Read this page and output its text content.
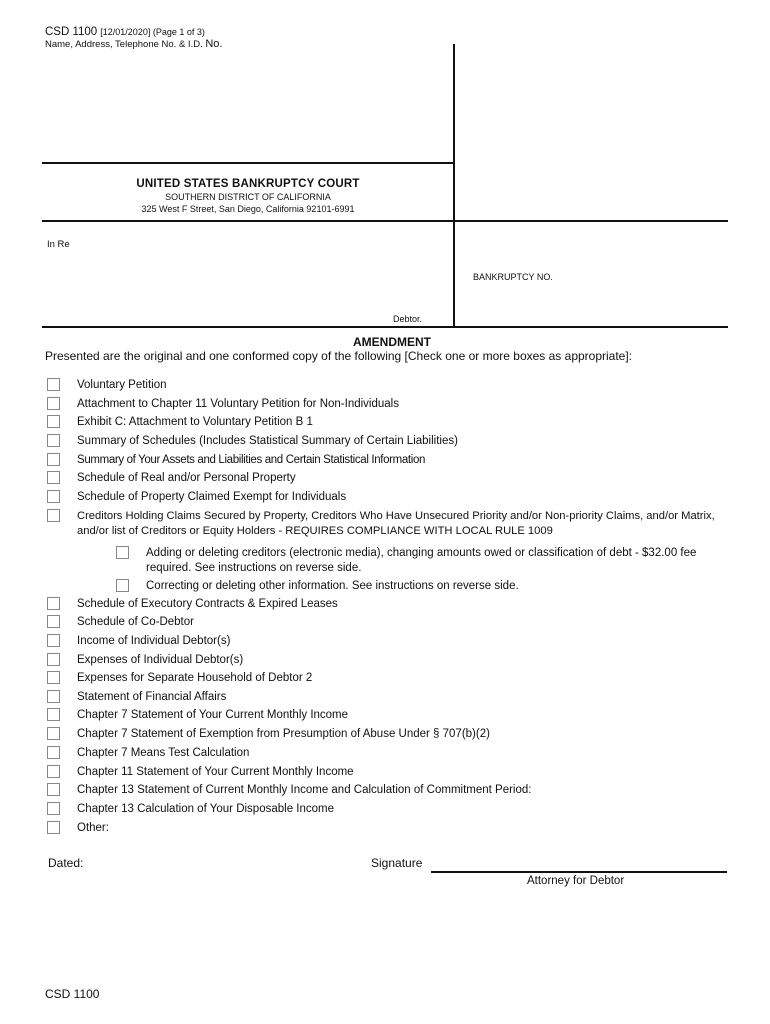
CSD 1100 [12/01/2020] (Page 1 of 3)
Name, Address, Telephone No. & I.D. No.
UNITED STATES BANKRUPTCY COURT
SOUTHERN DISTRICT OF CALIFORNIA
325 West F Street, San Diego, California 92101-6991
In Re
Debtor.
BANKRUPTCY NO.
AMENDMENT
Presented are the original and one conformed copy of the following [Check one or more boxes as appropriate]:
Voluntary Petition
Attachment to Chapter 11 Voluntary Petition for Non-Individuals
Exhibit C: Attachment to Voluntary Petition B 1
Summary of Schedules (Includes Statistical Summary of Certain Liabilities)
Summary of Your Assets and Liabilities and Certain Statistical Information
Schedule of Real and/or Personal Property
Schedule of Property Claimed Exempt for Individuals
Creditors Holding Claims Secured by Property, Creditors Who Have Unsecured Priority and/or Non-priority Claims, and/or Matrix, and/or list of Creditors or Equity Holders - REQUIRES COMPLIANCE WITH LOCAL RULE 1009
Adding or deleting creditors (electronic media), changing amounts owed or classification of debt - $32.00 fee required. See instructions on reverse side.
Correcting or deleting other information. See instructions on reverse side.
Schedule of Executory Contracts & Expired Leases
Schedule of Co-Debtor
Income of Individual Debtor(s)
Expenses of Individual Debtor(s)
Expenses for Separate Household of Debtor 2
Statement of Financial Affairs
Chapter 7 Statement of Your Current Monthly Income
Chapter 7 Statement of Exemption from Presumption of Abuse Under § 707(b)(2)
Chapter 7 Means Test Calculation
Chapter 11 Statement of Your Current Monthly Income
Chapter 13 Statement of Current Monthly Income and Calculation of Commitment Period:
Chapter 13 Calculation of Your Disposable Income
Other:
Dated:	Signature
Attorney for Debtor
CSD 1100
